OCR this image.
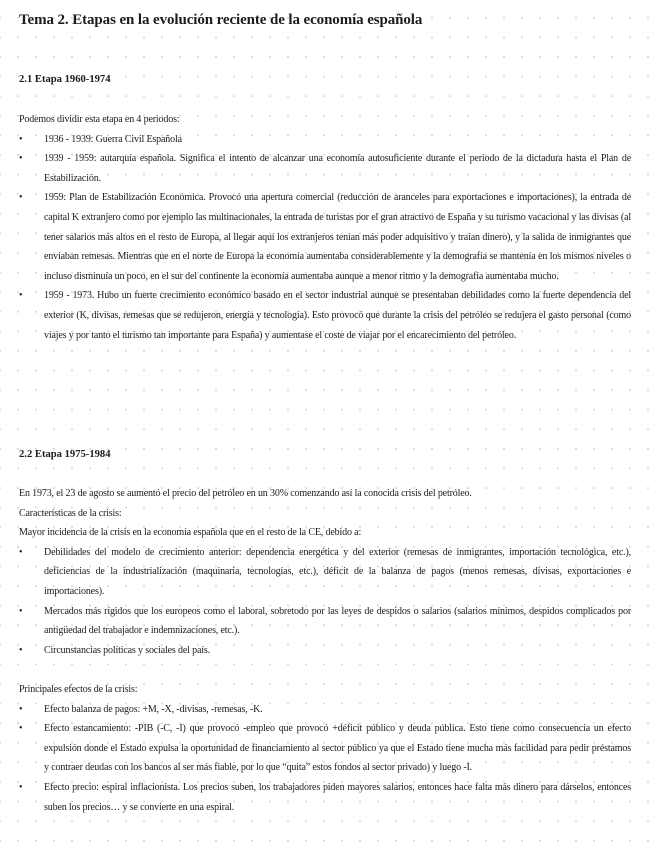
Tema 2. Etapas en la evolución reciente de la economía española
2.1 Etapa 1960-1974

Podemos dividir esta etapa en 4 periodos:

• 1936 - 1939: Guerra Civil Española
• 1939 - 1959: autarquía española. Significa el intento de alcanzar una economía autosuficiente durante el periodo de la dictadura hasta el Plan de Estabilización.
• 1959: Plan de Estabilización Económica. Provocó una apertura comercial (reducción de aranceles para exportaciones e importaciones), la entrada de capital K extranjero como por ejemplo las multinacionales, la entrada de turistas por el gran atractivo de España y su turismo vacacional y las divisas (al tener salarios más altos en el resto de Europa, al llegar aquí los extranjeros tenían más poder adquisitivo y traían dinero), y la salida de inmigrantes que enviaban remesas. Mientras que en el norte de Europa la economía aumentaba considerablemente y la demografía se mantenía en los mismos niveles o incluso disminuía un poco, en el sur del continente la economía aumentaba aunque a menor ritmo y la demografía aumentaba mucho.
• 1959 - 1973. Hubo un fuerte crecimiento económico basado en el sector industrial aunque se presentaban debilidades como la fuerte dependencia del exterior (K, divisas, remesas que se redujeron, energía y tecnología). Esto provocó que durante la crisis del petróleo se redujera el gasto personal (como viajes y por tanto el turismo tan importante para España) y aumentase el coste de viajar por el encarecimiento del petróleo.
2.2 Etapa 1975-1984

En 1973, el 23 de agosto se aumentó el precio del petróleo en un 30% comenzando así la conocida crisis del petróleo.

Características de la crisis:

Mayor incidencia de la crisis en la economía española que en el resto de la CE, debido a:

• Debilidades del modelo de crecimiento anterior: dependencia energética y del exterior (remesas de inmigrantes, importación tecnológica, etc.), deficiencias de la industrialización (maquinaria, tecnologías, etc.), déficit de la balanza de pagos (menos remesas, divisas, exportaciones e importaciones).
• Mercados más rígidos que los europeos como el laboral, sobretodo por las leyes de despidos o salarios (salarios mínimos, despidos complicados por antigüedad del trabajador e indemnizaciones, etc.).
• Circunstancias políticas y sociales del país.

Principales efectos de la crisis:

• Efecto balanza de pagos: +M, -X, -divisas, -remesas, -K.
• Efecto estancamiento: -PIB (-C, -I) que provocó -empleo que provocó +déficit público y deuda pública. Esto tiene como consecuencia un efecto expulsión donde el Estado expulsa la oportunidad de financiamiento al sector público ya que el Estado tiene mucha más facilidad para pedir préstamos y contraer deudas con los bancos al ser más fiable, por lo que “quita” estos fondos al sector privado) y luego -I.
• Efecto precio: espiral inflacionista. Los precios suben, los trabajadores piden mayores salarios, entonces hace falta más dinero para dárselos, entonces suben los precios… y se convierte en una espiral.
